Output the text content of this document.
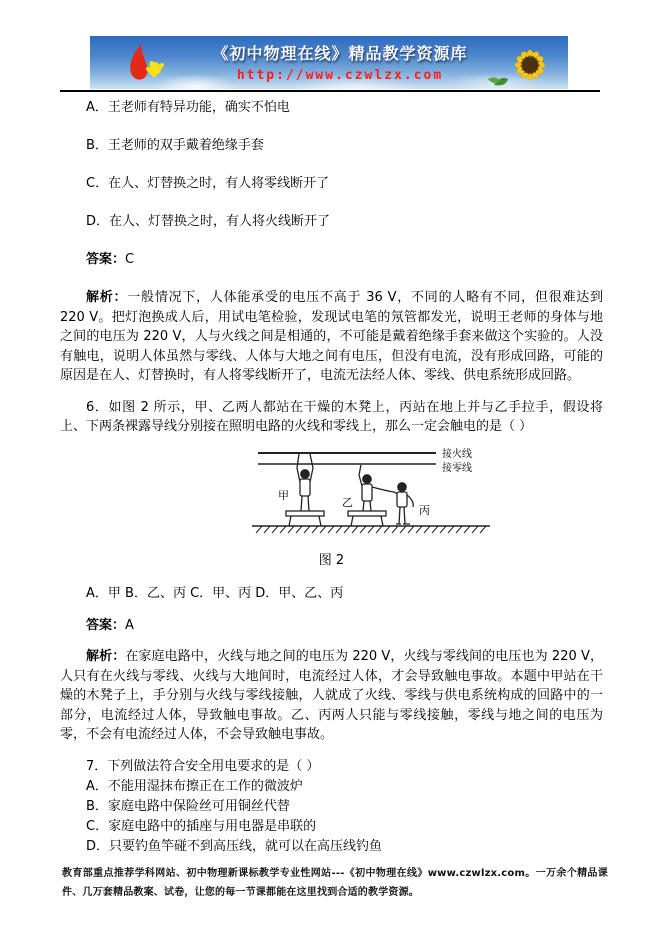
《初中物理在线》精品教学资源库
http://www.czwlzx.com

A．王老师有特异功能，确实不怕电

B．王老师的双手戴着绝缘手套

C．在人、灯替换之时，有人将零线断开了

D．在人、灯替换之时，有人将火线断开了

答案：C

解析：一般情况下，人体能承受的电压不高于 36 V，不同的人略有不同，但很难达到 220 V。把灯泡换成人后，用试电笔检验，发现试电笔的氖管都发光，说明王老师的身体与地之间的电压为 220 V，人与火线之间是相通的，不可能是戴着绝缘手套来做这个实验的。人没有触电，说明人体虽然与零线、人体与大地之间有电压，但没有电流，没有形成回路，可能的原因是在人、灯替换时，有人将零线断开了，电流无法经人体、零线、供电系统形成回路。

6．如图 2 所示，甲、乙两人都站在干燥的木凳上，丙站在地上并与乙手拉手，假设将上、下两条裸露导线分别接在照明电路的火线和零线上，那么一定会触电的是（ ）

接火线
接零线
甲
乙
丙

图 2

A．甲 B．乙、丙 C．甲、丙 D．甲、乙、丙

答案：A

解析：在家庭电路中，火线与地之间的电压为 220 V，火线与零线间的电压也为 220 V，人只有在火线与零线、火线与大地间时，电流经过人体，才会导致触电事故。本题中甲站在干燥的木凳子上，手分别与火线与零线接触，人就成了火线、零线与供电系统构成的回路中的一部分，电流经过人体，导致触电事故。乙、丙两人只能与零线接触，零线与地之间的电压为零，不会有电流经过人体，不会导致触电事故。

7．下列做法符合安全用电要求的是（ ）

A．不能用湿抹布擦正在工作的微波炉

B．家庭电路中保险丝可用铜丝代替

C．家庭电路中的插座与用电器是串联的

D．只要钓鱼竿碰不到高压线，就可以在高压线钓鱼

教育部重点推荐学科网站、初中物理新课标教学专业性网站---《初中物理在线》www.czwlzx.com。一万余个精品课件、几万套精品教案、试卷，让您的每一节课都能在这里找到合适的教学资源。
